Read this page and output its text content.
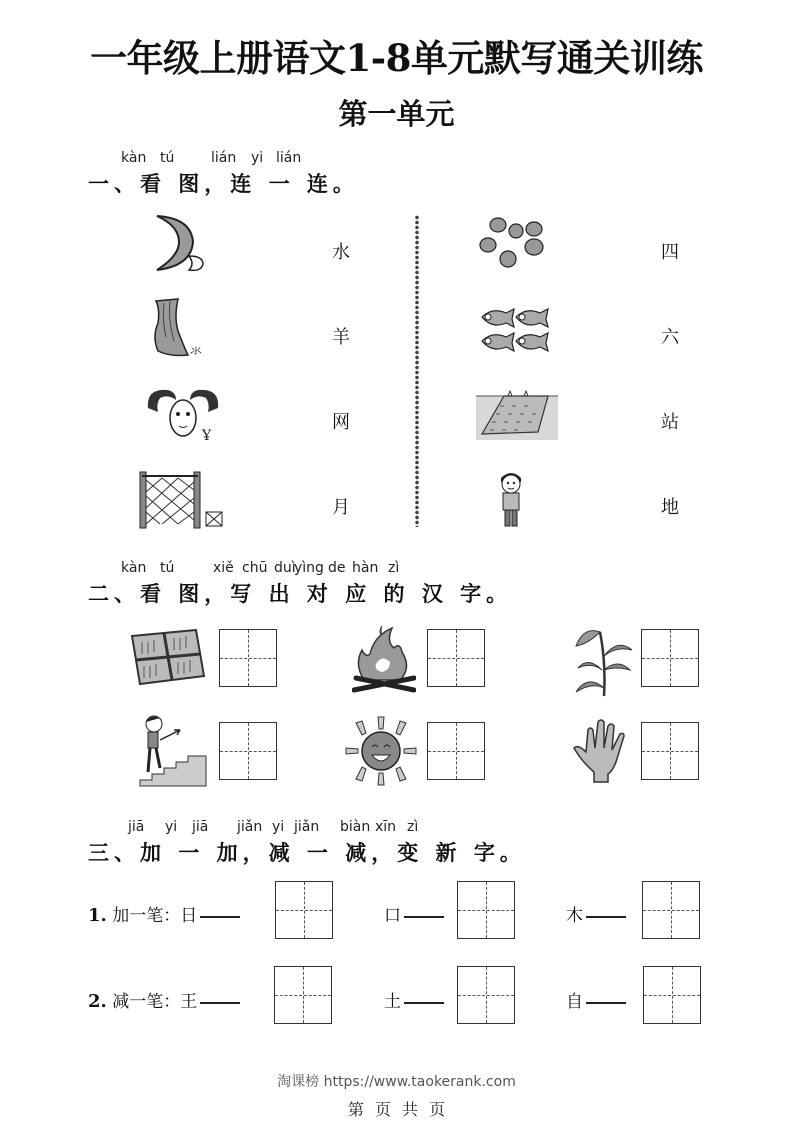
一年级上册语文1-8单元默写通关训练
第一单元
kàn tú	lián yi lián
一、看 图，连 一 连。
氺
Ұ
水
羊
网
月
四
六
站
地
kàn tú	xiě chū duì
yìng de hàn zì
二、看 图，写 出 对 应 的 汉 字。
jiā yi jiā jiǎn yi jiǎn biàn xīn zì
三、加 一 加，减 一 减，变 新 字。
1. 加一笔：日	口	木
2. 减一笔：王	土	自
淘课榜 https://www.taokerank.com
第 页 共 页
